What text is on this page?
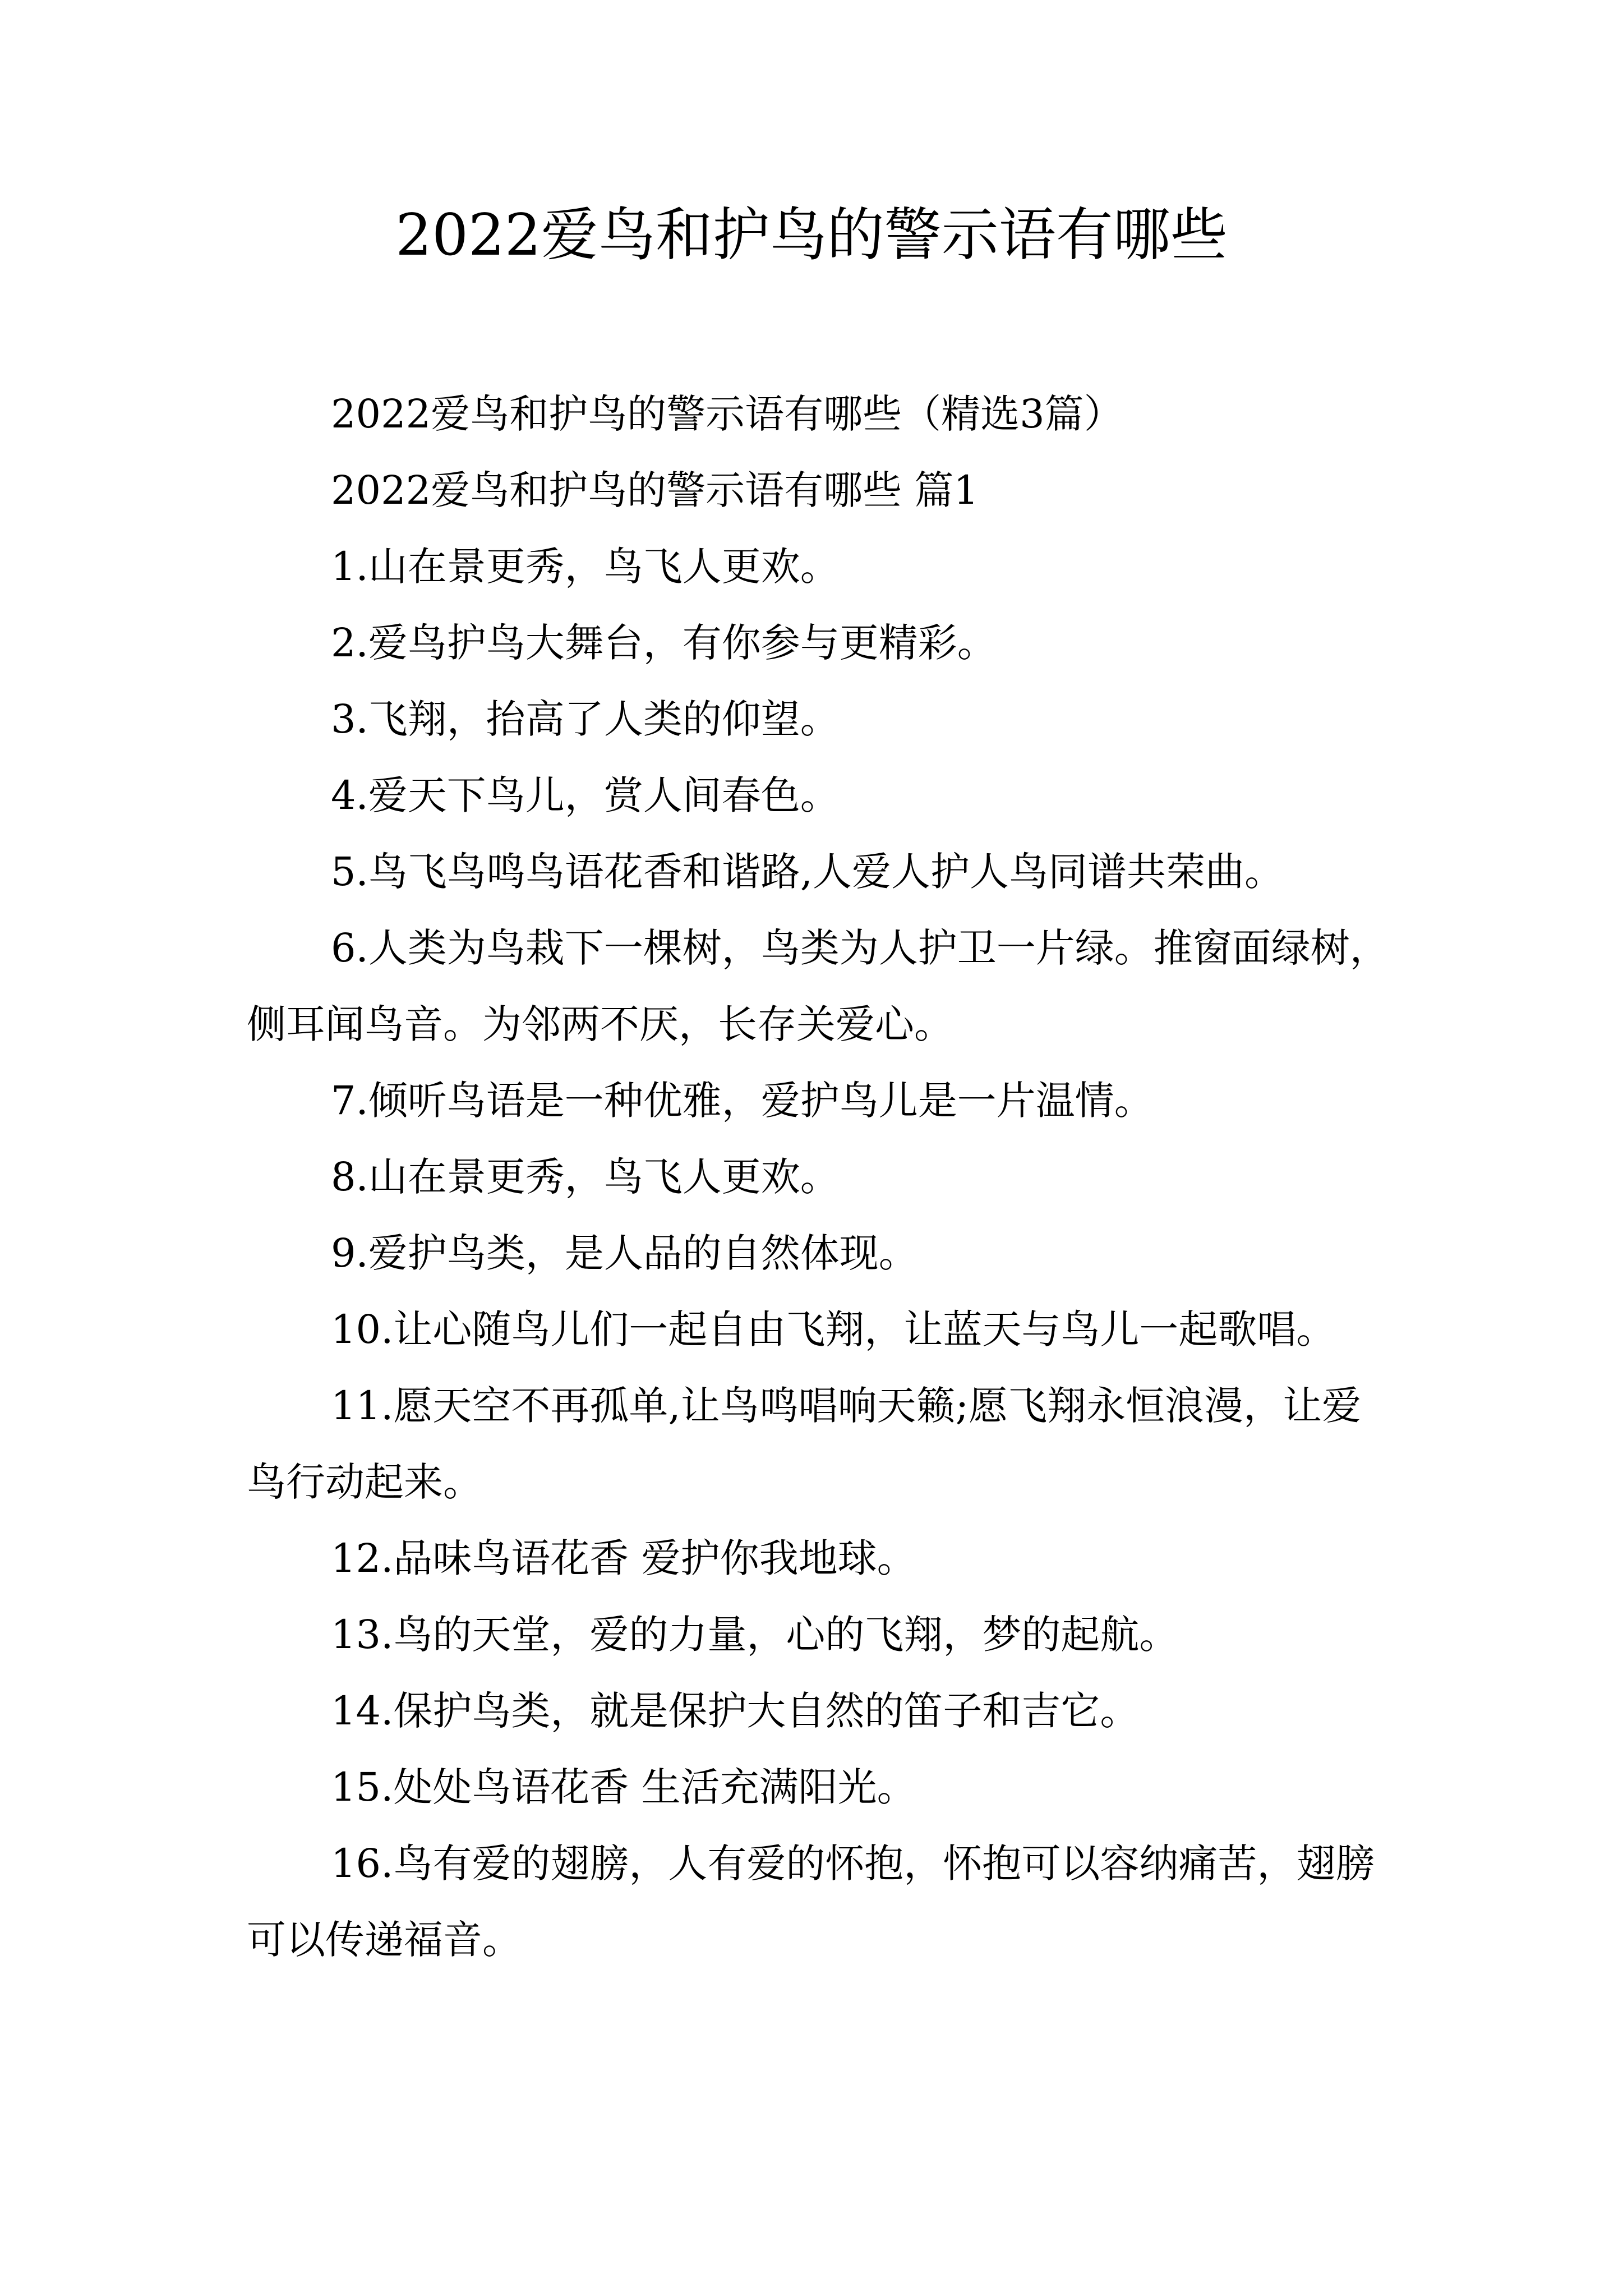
2022爱鸟和护鸟的警示语有哪些

2022爱鸟和护鸟的警示语有哪些（精选3篇）

2022爱鸟和护鸟的警示语有哪些 篇1

1.山在景更秀，鸟飞人更欢。

2.爱鸟护鸟大舞台，有你参与更精彩。

3.飞翔，抬高了人类的仰望。

4.爱天下鸟儿，赏人间春色。

5.鸟飞鸟鸣鸟语花香和谐路,人爱人护人鸟同谱共荣曲。

6.人类为鸟栽下一棵树，鸟类为人护卫一片绿。推窗面绿树，侧耳闻鸟音。为邻两不厌，长存关爱心。

7.倾听鸟语是一种优雅，爱护鸟儿是一片温情。

8.山在景更秀，鸟飞人更欢。

9.爱护鸟类，是人品的自然体现。

10.让心随鸟儿们一起自由飞翔，让蓝天与鸟儿一起歌唱。

11.愿天空不再孤单,让鸟鸣唱响天籁;愿飞翔永恒浪漫，让爱鸟行动起来。

12.品味鸟语花香 爱护你我地球。

13.鸟的天堂，爱的力量，心的飞翔，梦的起航。

14.保护鸟类，就是保护大自然的笛子和吉它。

15.处处鸟语花香 生活充满阳光。

16.鸟有爱的翅膀，人有爱的怀抱，怀抱可以容纳痛苦，翅膀可以传递福音。
